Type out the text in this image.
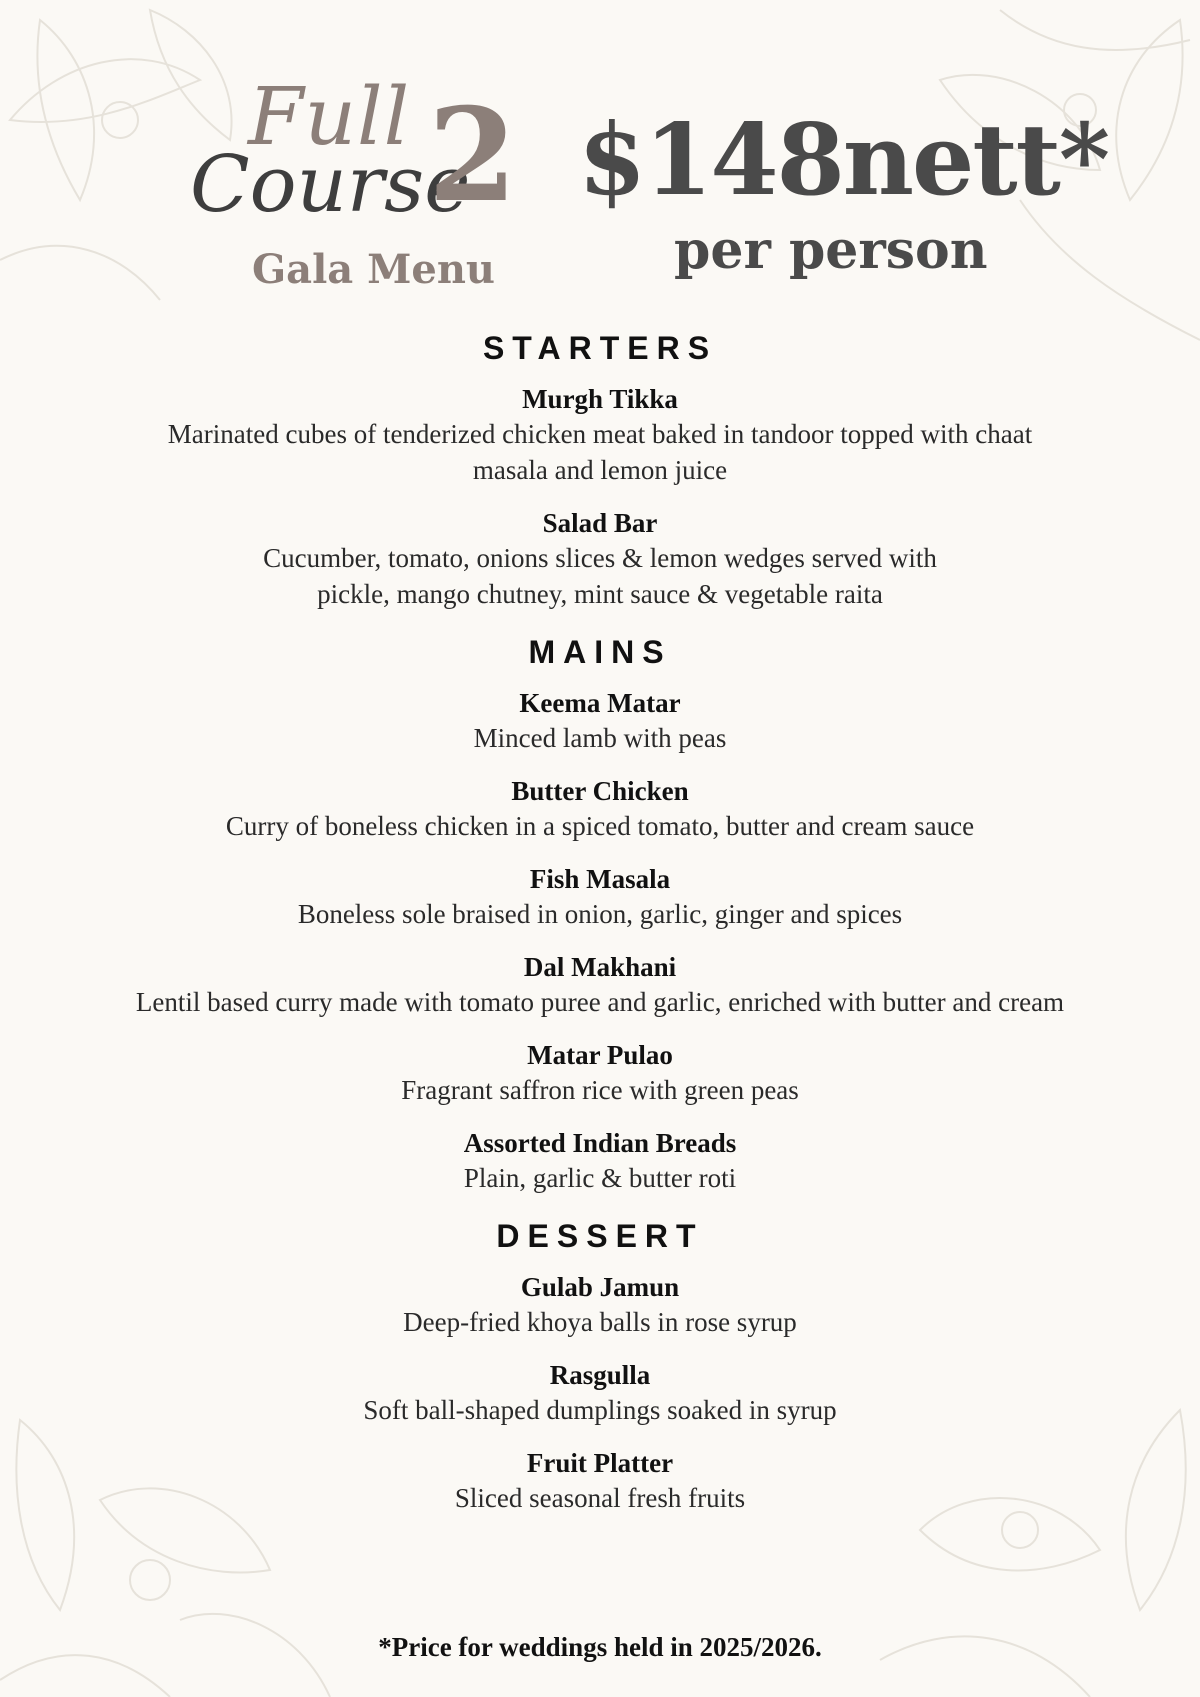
Full
Course
2
Gala Menu
$148nett*
per person
STARTERS
Murgh Tikka
Marinated cubes of tenderized chicken meat baked in tandoor topped with chaat
masala and lemon juice
Salad Bar
Cucumber, tomato, onions slices & lemon wedges served with
pickle, mango chutney, mint sauce & vegetable raita
MAINS
Keema Matar
Minced lamb with peas
Butter Chicken
Curry of boneless chicken in a spiced tomato, butter and cream sauce
Fish Masala
Boneless sole braised in onion, garlic, ginger and spices
Dal Makhani
Lentil based curry made with tomato puree and garlic, enriched with butter and cream
Matar Pulao
Fragrant saffron rice with green peas
Assorted Indian Breads
Plain, garlic & butter roti
DESSERT
Gulab Jamun
Deep-fried khoya balls in rose syrup
Rasgulla
Soft ball-shaped dumplings soaked in syrup
Fruit Platter
Sliced seasonal fresh fruits
*Price for weddings held in 2025/2026.
